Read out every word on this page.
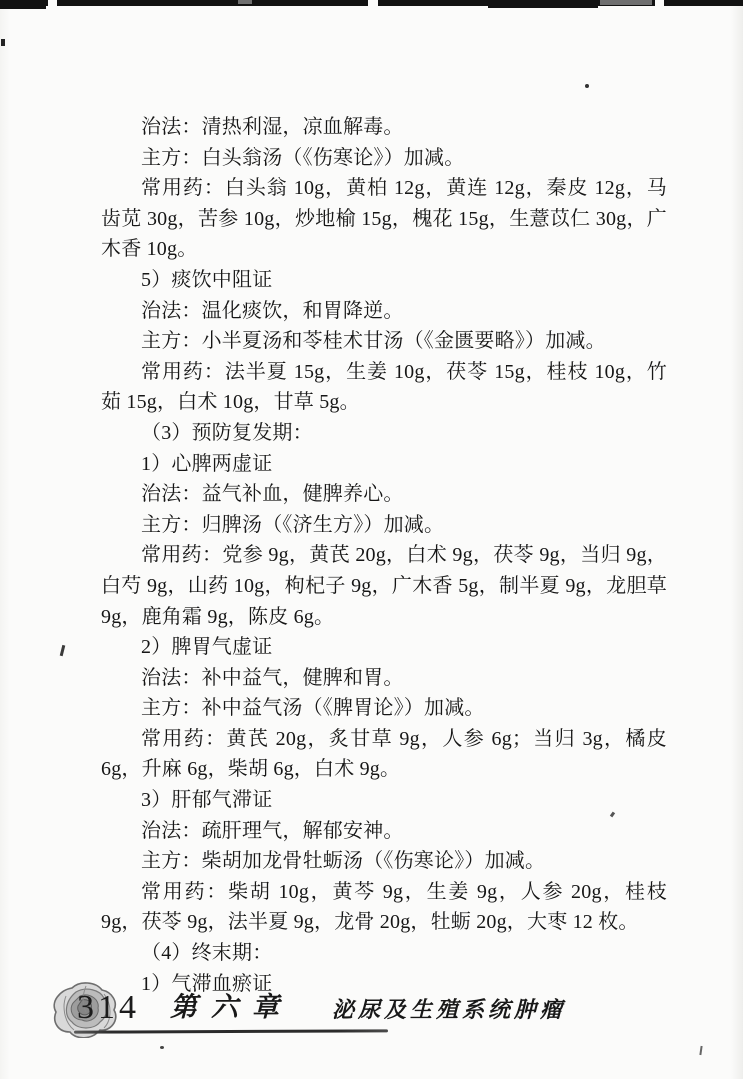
治法：清热利湿，凉血解毒。

主方：白头翁汤（《伤寒论》）加减。

常用药：白头翁 10g，黄柏 12g，黄连 12g，秦皮 12g，马齿苋 30g，苦参 10g，炒地榆 15g，槐花 15g，生薏苡仁 30g，广木香 10g。

5）痰饮中阻证

治法：温化痰饮，和胃降逆。

主方：小半夏汤和苓桂术甘汤（《金匮要略》）加减。

常用药：法半夏 15g，生姜 10g，茯苓 15g，桂枝 10g，竹茹 15g，白术 10g，甘草 5g。

（3）预防复发期：

1）心脾两虚证

治法：益气补血，健脾养心。

主方：归脾汤（《济生方》）加减。

常用药：党参 9g，黄芪 20g，白术 9g，茯苓 9g，当归 9g，白芍 9g，山药 10g，枸杞子 9g，广木香 5g，制半夏 9g，龙胆草 9g，鹿角霜 9g，陈皮 6g。

2）脾胃气虚证

治法：补中益气，健脾和胃。

主方：补中益气汤（《脾胃论》）加减。

常用药：黄芪 20g，炙甘草 9g，人参 6g；当归 3g，橘皮 6g，升麻 6g，柴胡 6g，白术 9g。

3）肝郁气滞证

治法：疏肝理气，解郁安神。

主方：柴胡加龙骨牡蛎汤（《伤寒论》）加减。

常用药：柴胡 10g，黄芩 9g，生姜 9g，人参 20g，桂枝 9g，茯苓 9g，法半夏 9g，龙骨 20g，牡蛎 20g，大枣 12 枚。

（4）终末期：

1）气滞血瘀证

314 第六章 泌尿及生殖系统肿瘤
